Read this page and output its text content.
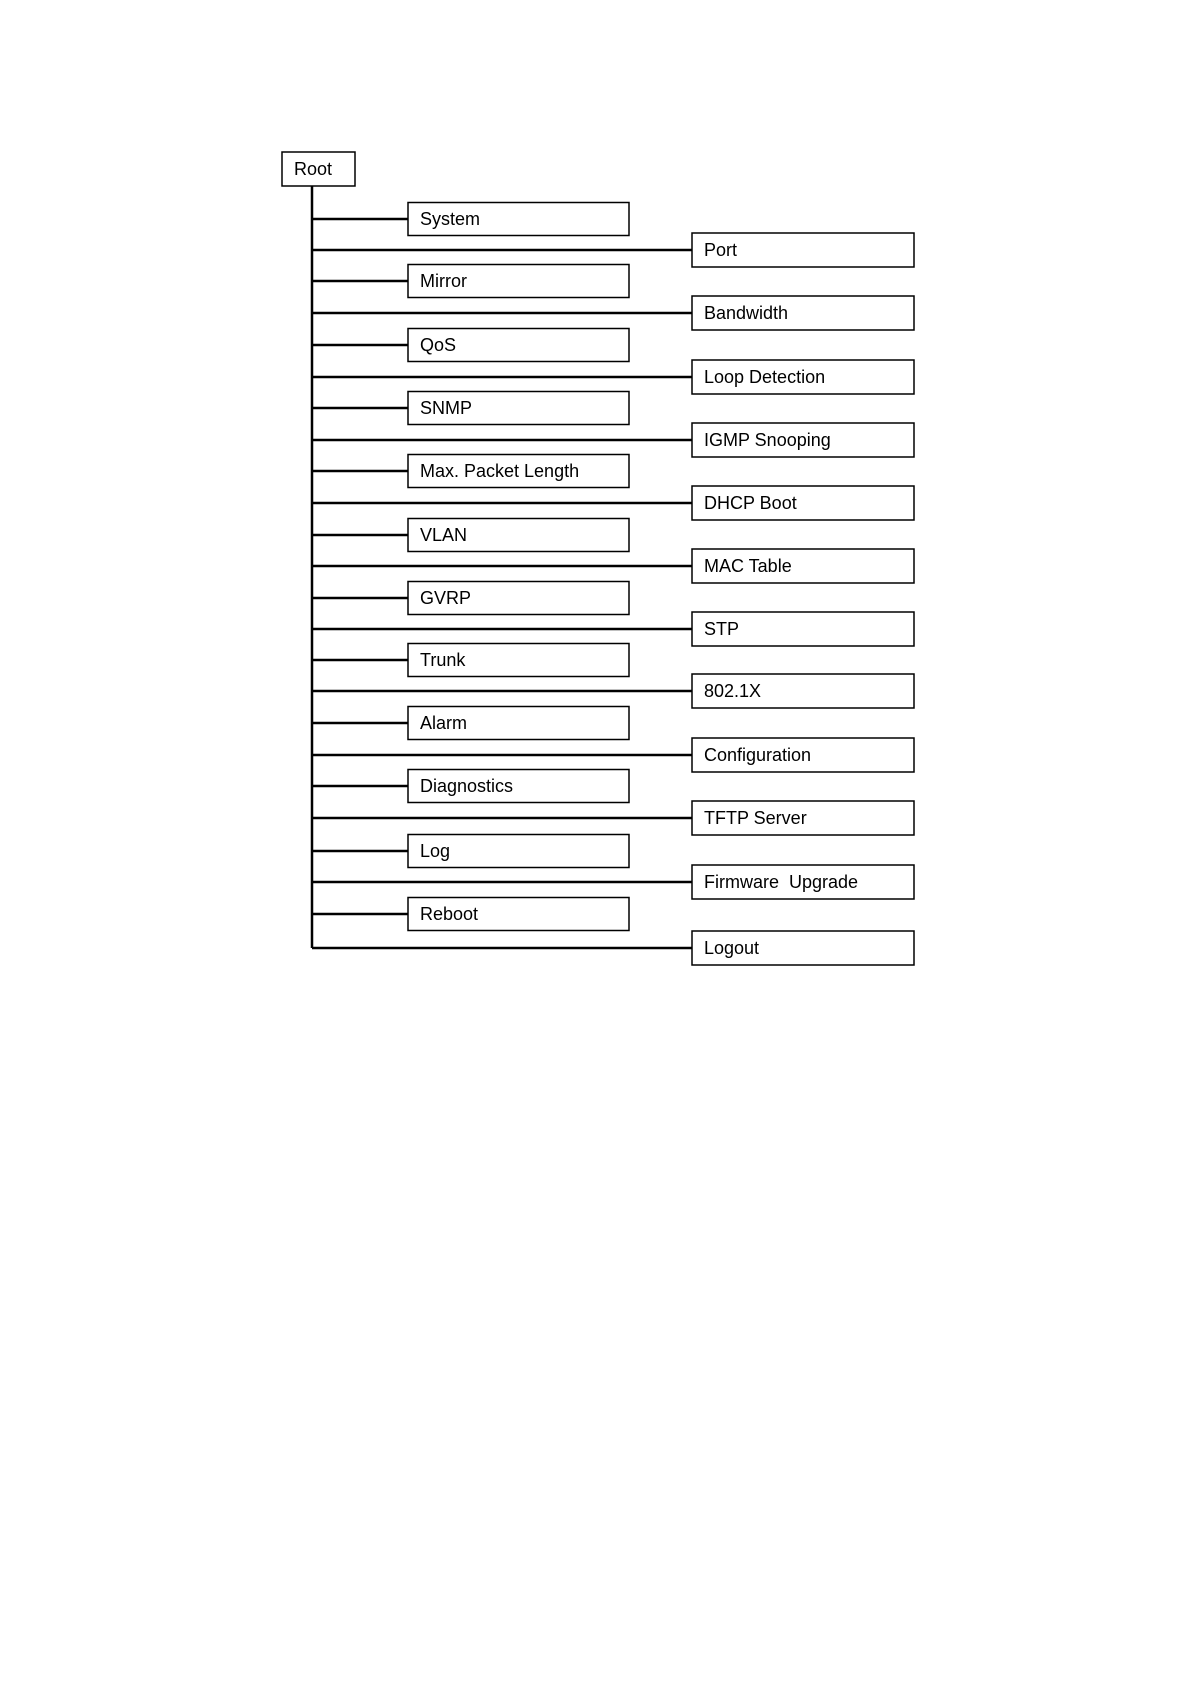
Root
System
Port
Mirror
Bandwidth
QoS
Loop Detection
SNMP
IGMP Snooping
Max. Packet Length
DHCP Boot
VLAN
MAC Table
GVRP
STP
Trunk
802.1X
Alarm
Configuration
Diagnostics
TFTP Server
Log
Firmware  Upgrade
Reboot
Logout
